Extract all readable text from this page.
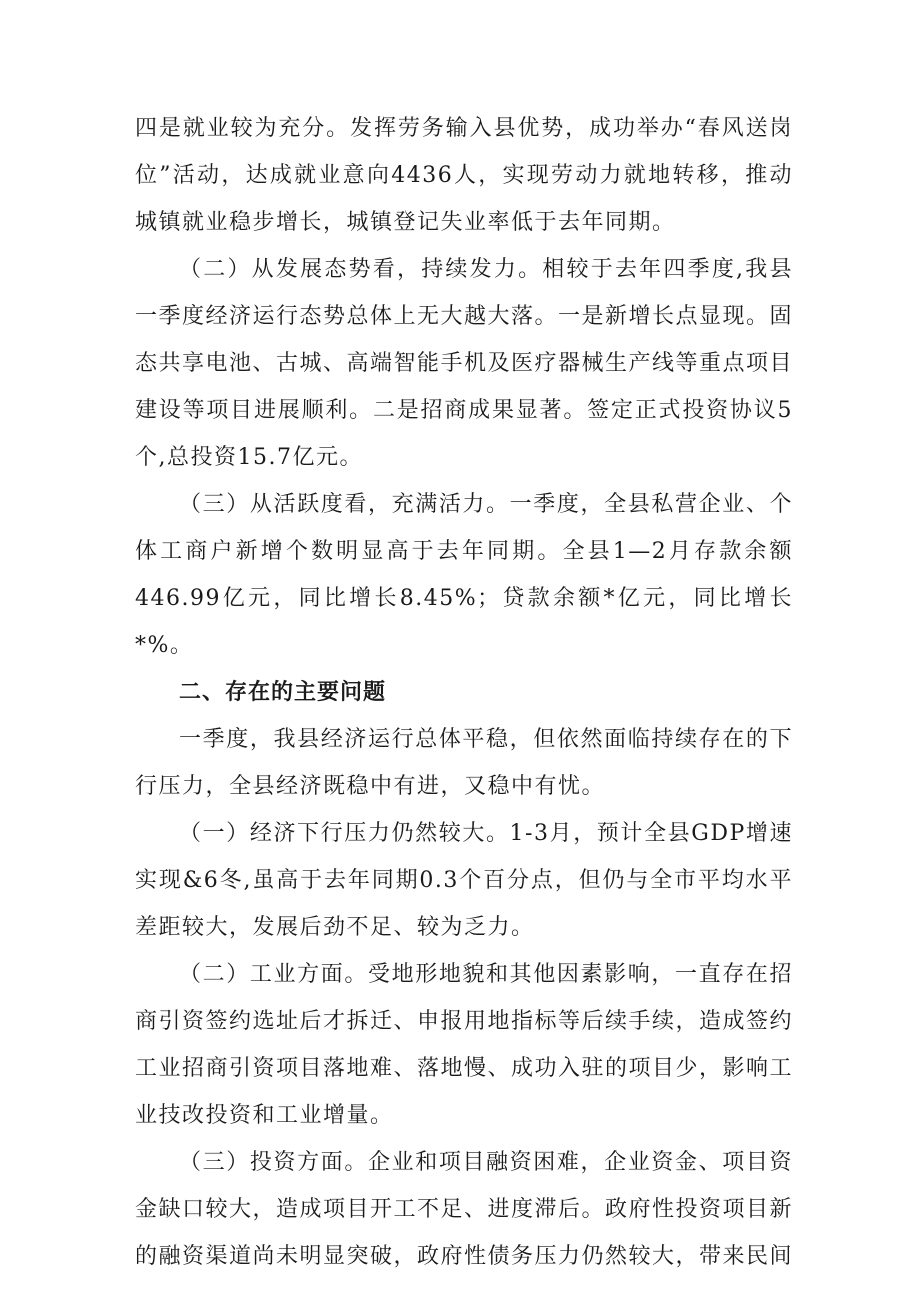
四是就业较为充分。发挥劳务输入县优势，成功举办“春风送岗位”活动，达成就业意向4436人，实现劳动力就地转移，推动城镇就业稳步增长，城镇登记失业率低于去年同期。

（二）从发展态势看，持续发力。相较于去年四季度,我县一季度经济运行态势总体上无大越大落。一是新增长点显现。固态共享电池、古城、高端智能手机及医疗器械生产线等重点项目建设等项目进展顺利。二是招商成果显著。签定正式投资协议5个,总投资15.7亿元。

（三）从活跃度看，充满活力。一季度，全县私营企业、个体工商户新增个数明显高于去年同期。全县1—2月存款余额446.99亿元，同比增长8.45%；贷款余额*亿元，同比增长*%。

二、存在的主要问题

一季度，我县经济运行总体平稳，但依然面临持续存在的下行压力，全县经济既稳中有进，又稳中有忧。

（一）经济下行压力仍然较大。1-3月，预计全县GDP增速实现&6冬,虽高于去年同期0.3个百分点，但仍与全市平均水平差距较大，发展后劲不足、较为乏力。

（二）工业方面。受地形地貌和其他因素影响，一直存在招商引资签约选址后才拆迁、申报用地指标等后续手续，造成签约工业招商引资项目落地难、落地慢、成功入驻的项目少，影响工业技改投资和工业增量。

（三）投资方面。企业和项目融资困难，企业资金、项目资金缺口较大，造成项目开工不足、进度滞后。政府性投资项目新的融资渠道尚未明显突破，政府性债务压力仍然较大，带来民间
